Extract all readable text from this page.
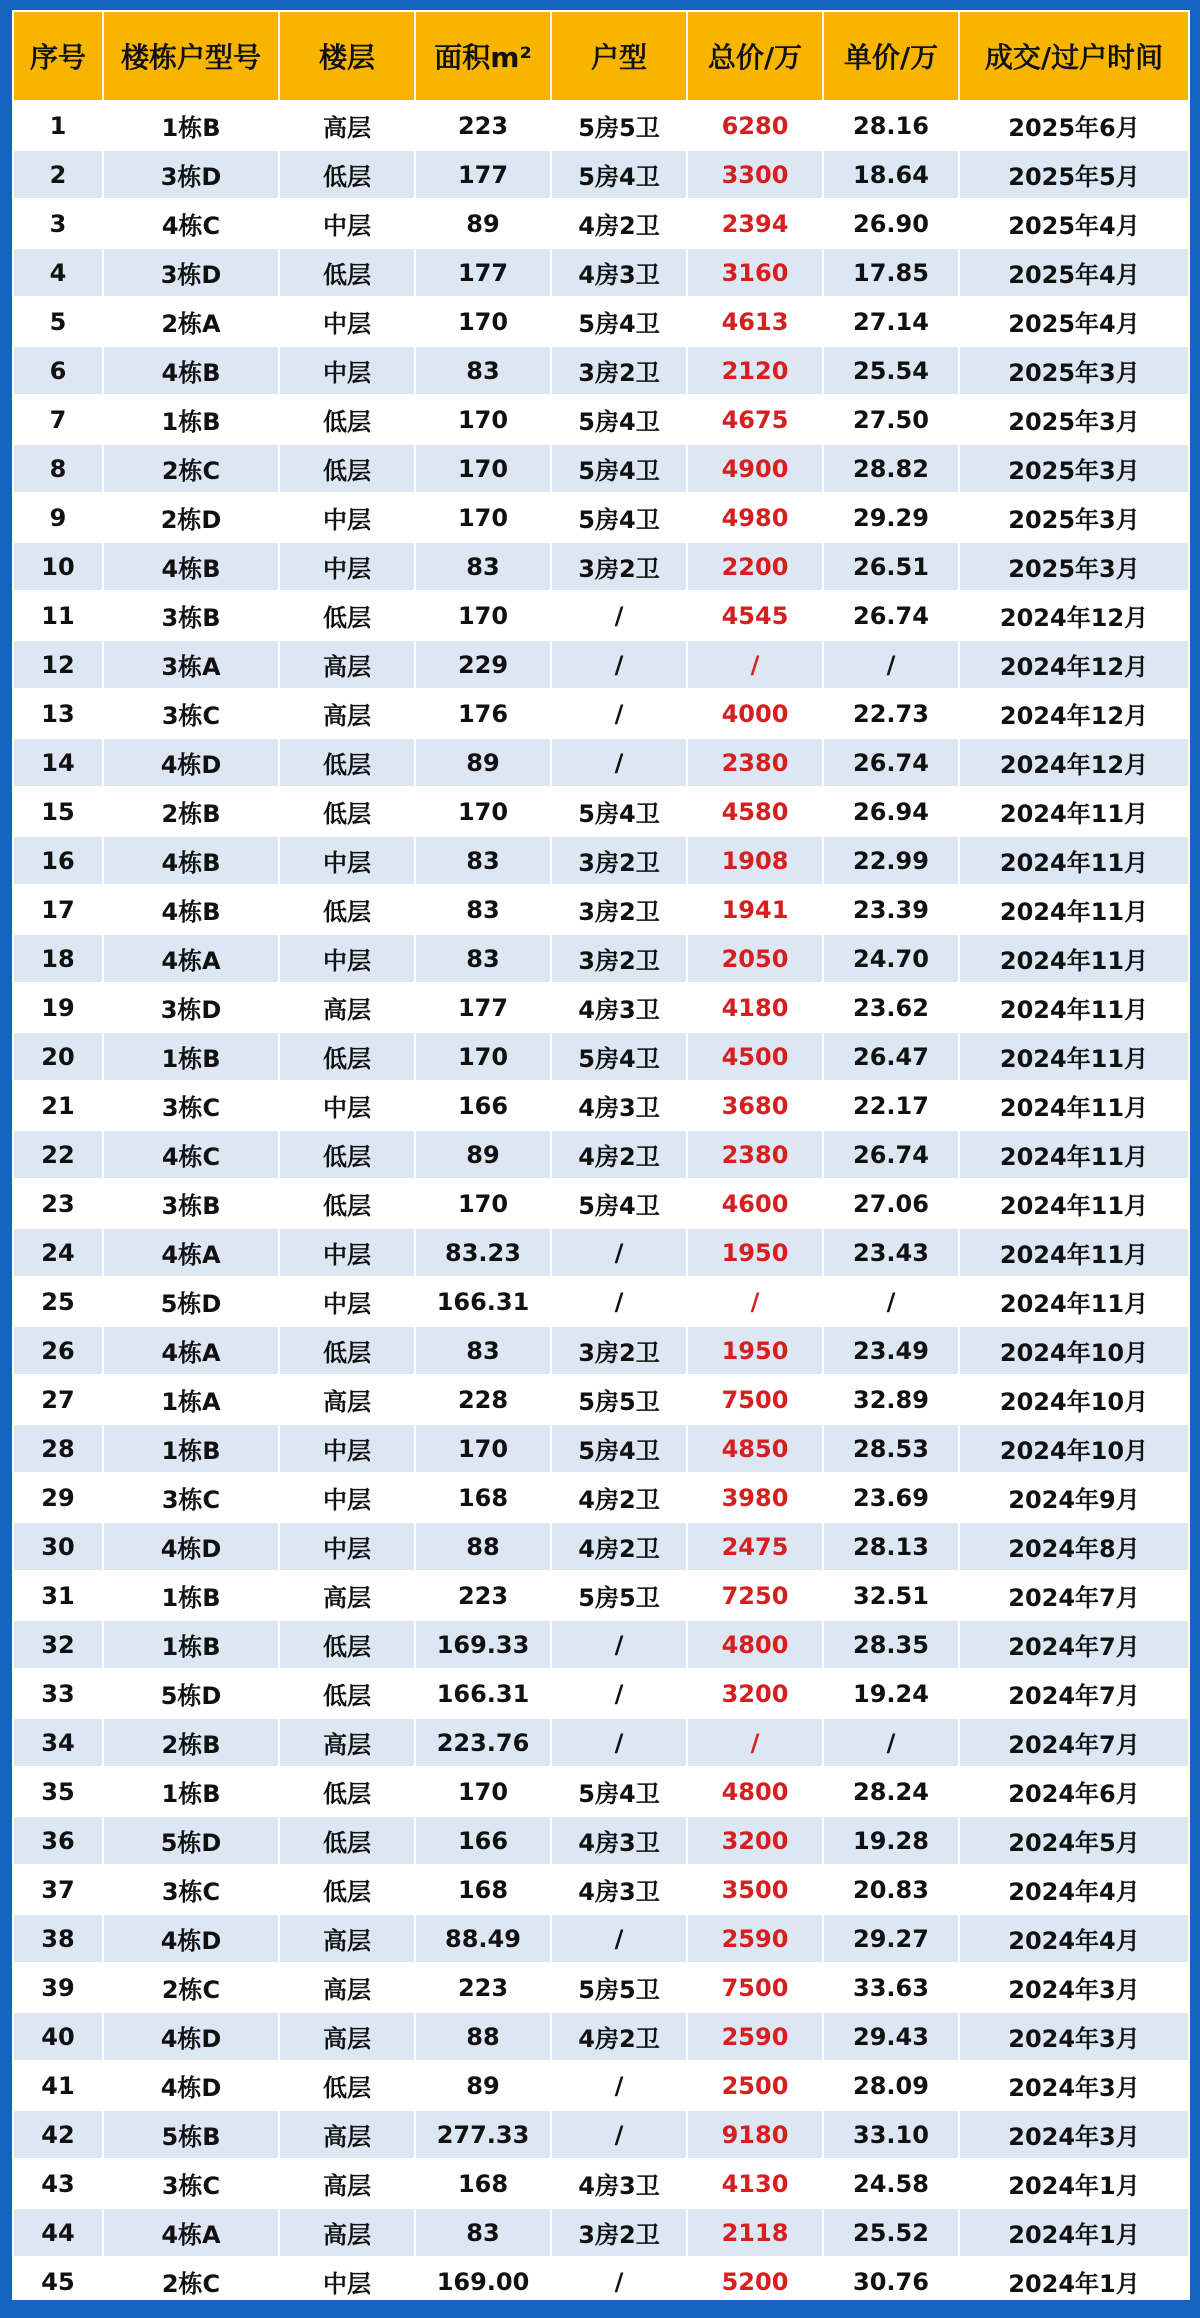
序号	楼栋户型号	楼层	面积m²	户型	总价/万	单价/万	成交/过户时间
1	1栋B	高层	223	5房5卫	6280	28.16	2025年6月
2	3栋D	低层	177	5房4卫	3300	18.64	2025年5月
3	4栋C	中层	89	4房2卫	2394	26.90	2025年4月
4	3栋D	低层	177	4房3卫	3160	17.85	2025年4月
5	2栋A	中层	170	5房4卫	4613	27.14	2025年4月
6	4栋B	中层	83	3房2卫	2120	25.54	2025年3月
7	1栋B	低层	170	5房4卫	4675	27.50	2025年3月
8	2栋C	低层	170	5房4卫	4900	28.82	2025年3月
9	2栋D	中层	170	5房4卫	4980	29.29	2025年3月
10	4栋B	中层	83	3房2卫	2200	26.51	2025年3月
11	3栋B	低层	170	/	4545	26.74	2024年12月
12	3栋A	高层	229	/	/	/	2024年12月
13	3栋C	高层	176	/	4000	22.73	2024年12月
14	4栋D	低层	89	/	2380	26.74	2024年12月
15	2栋B	低层	170	5房4卫	4580	26.94	2024年11月
16	4栋B	中层	83	3房2卫	1908	22.99	2024年11月
17	4栋B	低层	83	3房2卫	1941	23.39	2024年11月
18	4栋A	中层	83	3房2卫	2050	24.70	2024年11月
19	3栋D	高层	177	4房3卫	4180	23.62	2024年11月
20	1栋B	低层	170	5房4卫	4500	26.47	2024年11月
21	3栋C	中层	166	4房3卫	3680	22.17	2024年11月
22	4栋C	低层	89	4房2卫	2380	26.74	2024年11月
23	3栋B	低层	170	5房4卫	4600	27.06	2024年11月
24	4栋A	中层	83.23	/	1950	23.43	2024年11月
25	5栋D	中层	166.31	/	/	/	2024年11月
26	4栋A	低层	83	3房2卫	1950	23.49	2024年10月
27	1栋A	高层	228	5房5卫	7500	32.89	2024年10月
28	1栋B	中层	170	5房4卫	4850	28.53	2024年10月
29	3栋C	中层	168	4房2卫	3980	23.69	2024年9月
30	4栋D	中层	88	4房2卫	2475	28.13	2024年8月
31	1栋B	高层	223	5房5卫	7250	32.51	2024年7月
32	1栋B	低层	169.33	/	4800	28.35	2024年7月
33	5栋D	低层	166.31	/	3200	19.24	2024年7月
34	2栋B	高层	223.76	/	/	/	2024年7月
35	1栋B	低层	170	5房4卫	4800	28.24	2024年6月
36	5栋D	低层	166	4房3卫	3200	19.28	2024年5月
37	3栋C	低层	168	4房3卫	3500	20.83	2024年4月
38	4栋D	高层	88.49	/	2590	29.27	2024年4月
39	2栋C	高层	223	5房5卫	7500	33.63	2024年3月
40	4栋D	高层	88	4房2卫	2590	29.43	2024年3月
41	4栋D	低层	89	/	2500	28.09	2024年3月
42	5栋B	高层	277.33	/	9180	33.10	2024年3月
43	3栋C	高层	168	4房3卫	4130	24.58	2024年1月
44	4栋A	高层	83	3房2卫	2118	25.52	2024年1月
45	2栋C	中层	169.00	/	5200	30.76	2024年1月
